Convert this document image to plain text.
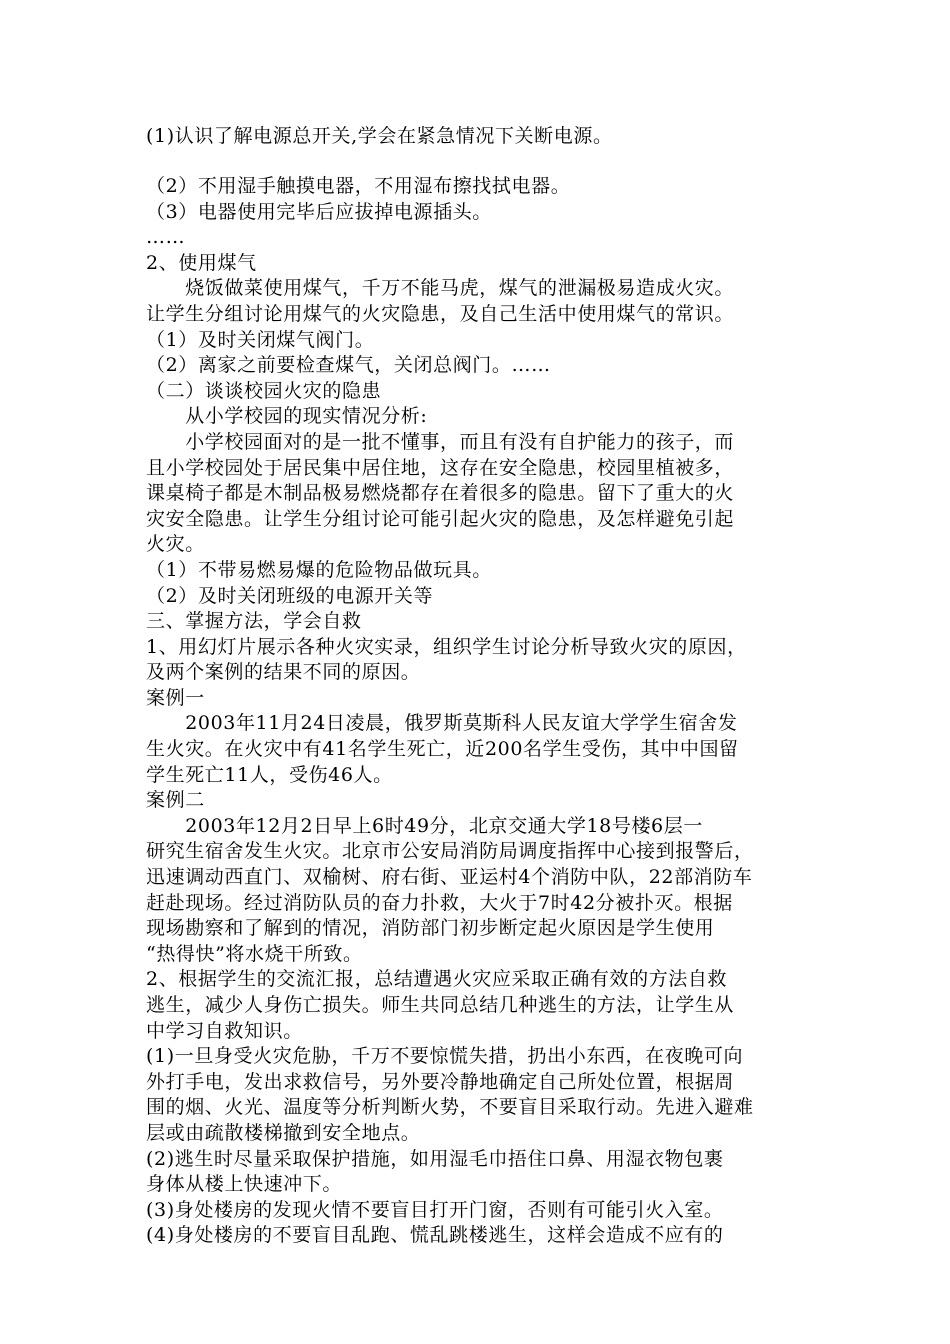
(1)认识了解电源总开关,学会在紧急情况下关断电源。
（2）不用湿手触摸电器，不用湿布擦找拭电器。
（3）电器使用完毕后应拔掉电源插头。
……
2、使用煤气
　　烧饭做菜使用煤气，千万不能马虎，煤气的泄漏极易造成火灾。
让学生分组讨论用煤气的火灾隐患，及自己生活中使用煤气的常识。
（1）及时关闭煤气阀门。
（2）离家之前要检查煤气，关闭总阀门。……
（二）谈谈校园火灾的隐患
　　从小学校园的现实情况分析:
　　小学校园面对的是一批不懂事，而且有没有自护能力的孩子，而
且小学校园处于居民集中居住地，这存在安全隐患，校园里植被多，
课桌椅子都是木制品极易燃烧都存在着很多的隐患。留下了重大的火
灾安全隐患。让学生分组讨论可能引起火灾的隐患，及怎样避免引起
火灾。
（1）不带易燃易爆的危险物品做玩具。
（2）及时关闭班级的电源开关等
三、掌握方法，学会自救
1、用幻灯片展示各种火灾实录，组织学生讨论分析导致火灾的原因，
及两个案例的结果不同的原因。
案例一
　　2003年11月24日凌晨，俄罗斯莫斯科人民友谊大学学生宿舍发
生火灾。在火灾中有41名学生死亡，近200名学生受伤，其中中国留
学生死亡11人，受伤46人。
案例二
　　2003年12月2日早上6时49分，北京交通大学18号楼6层一
研究生宿舍发生火灾。北京市公安局消防局调度指挥中心接到报警后，
迅速调动西直门、双榆树、府右街、亚运村4个消防中队，22部消防车
赶赴现场。经过消防队员的奋力扑救，大火于7时42分被扑灭。根据
现场勘察和了解到的情况，消防部门初步断定起火原因是学生使用
“热得快”将水烧干所致。
2、根据学生的交流汇报，总结遭遇火灾应采取正确有效的方法自救
逃生，减少人身伤亡损失。师生共同总结几种逃生的方法，让学生从
中学习自救知识。
(1)一旦身受火灾危胁，千万不要惊慌失措，扔出小东西，在夜晚可向
外打手电，发出求救信号，另外要冷静地确定自己所处位置，根据周
围的烟、火光、温度等分析判断火势，不要盲目采取行动。先进入避难
层或由疏散楼梯撤到安全地点。
(2)逃生时尽量采取保护措施，如用湿毛巾捂住口鼻、用湿衣物包裹
身体从楼上快速冲下。
(3)身处楼房的发现火情不要盲目打开门窗，否则有可能引火入室。
(4)身处楼房的不要盲目乱跑、慌乱跳楼逃生，这样会造成不应有的
